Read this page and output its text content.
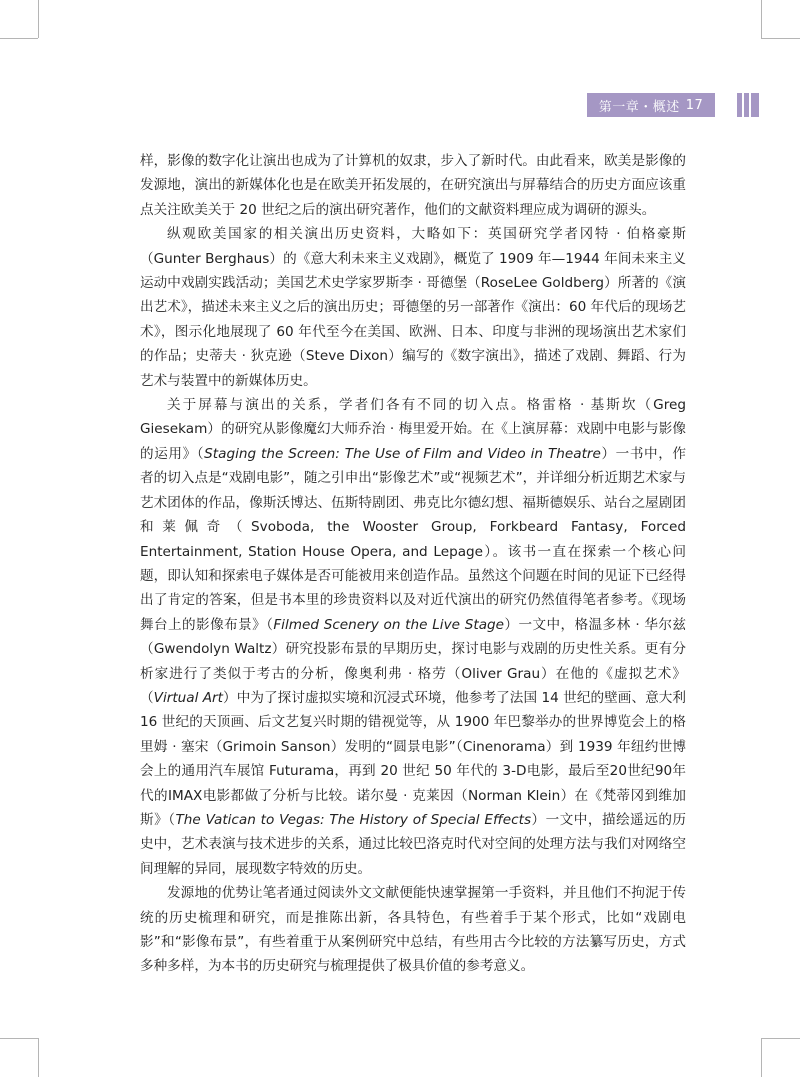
第一章・概述 17

样，影像的数字化让演出也成为了计算机的奴隶，步入了新时代。由此看来，欧美是影像的发源地，演出的新媒体化也是在欧美开拓发展的，在研究演出与屏幕结合的历史方面应该重点关注欧美关于 20 世纪之后的演出研究著作，他们的文献资料理应成为调研的源头。

纵观欧美国家的相关演出历史资料，大略如下：英国研究学者冈特 · 伯格豪斯（Gunter Berghaus）的《意大利未来主义戏剧》，概览了 1909 年—1944 年间未来主义运动中戏剧实践活动；美国艺术史学家罗斯李 · 哥德堡（RoseLee Goldberg）所著的《演出艺术》，描述未来主义之后的演出历史；哥德堡的另一部著作《演出：60 年代后的现场艺术》，图示化地展现了 60 年代至今在美国、欧洲、日本、印度与非洲的现场演出艺术家们的作品；史蒂夫 · 狄克逊（Steve Dixon）编写的《数字演出》，描述了戏剧、舞蹈、行为艺术与装置中的新媒体历史。

关于屏幕与演出的关系，学者们各有不同的切入点。格雷格 · 基斯坎（Greg Giesekam）的研究从影像魔幻大师乔治 · 梅里爱开始。在《上演屏幕：戏剧中电影与影像的运用》（Staging the Screen: The Use of Film and Video in Theatre）一书中，作者的切入点是“戏剧电影”，随之引申出“影像艺术”或“视频艺术”，并详细分析近期艺术家与艺术团体的作品，像斯沃博达、伍斯特剧团、弗克比尔德幻想、福斯德娱乐、站台之屋剧团和莱佩奇（Svoboda, the Wooster Group, Forkbeard Fantasy, Forced Entertainment, Station House Opera, and Lepage）。该书一直在探索一个核心问题，即认知和探索电子媒体是否可能被用来创造作品。虽然这个问题在时间的见证下已经得出了肯定的答案，但是书本里的珍贵资料以及对近代演出的研究仍然值得笔者参考。《现场舞台上的影像布景》（Filmed Scenery on the Live Stage）一文中，格温多林 · 华尔兹（Gwendolyn Waltz）研究投影布景的早期历史，探讨电影与戏剧的历史性关系。更有分析家进行了类似于考古的分析，像奥利弗 · 格劳（Oliver Grau）在他的《虚拟艺术》（Virtual Art）中为了探讨虚拟实境和沉浸式环境，他参考了法国 14 世纪的壁画、意大利 16 世纪的天顶画、后文艺复兴时期的错视觉等，从 1900 年巴黎举办的世界博览会上的格里姆 · 塞宋（Grimoin Sanson）发明的“圆景电影”（Cinenorama）到 1939 年纽约世博会上的通用汽车展馆 Futurama，再到 20 世纪 50 年代的 3-D电影，最后至20世纪90年代的IMAX电影都做了分析与比较。诺尔曼 · 克莱因（Norman Klein）在《梵蒂冈到维加斯》（The Vatican to Vegas: The History of Special Effects）一文中，描绘遥远的历史中，艺术表演与技术进步的关系，通过比较巴洛克时代对空间的处理方法与我们对网络空间理解的异同，展现数字特效的历史。

发源地的优势让笔者通过阅读外文文献便能快速掌握第一手资料，并且他们不拘泥于传统的历史梳理和研究，而是推陈出新，各具特色，有些着手于某个形式，比如“戏剧电影”和“影像布景”，有些着重于从案例研究中总结，有些用古今比较的方法纂写历史，方式多种多样，为本书的历史研究与梳理提供了极具价值的参考意义。
